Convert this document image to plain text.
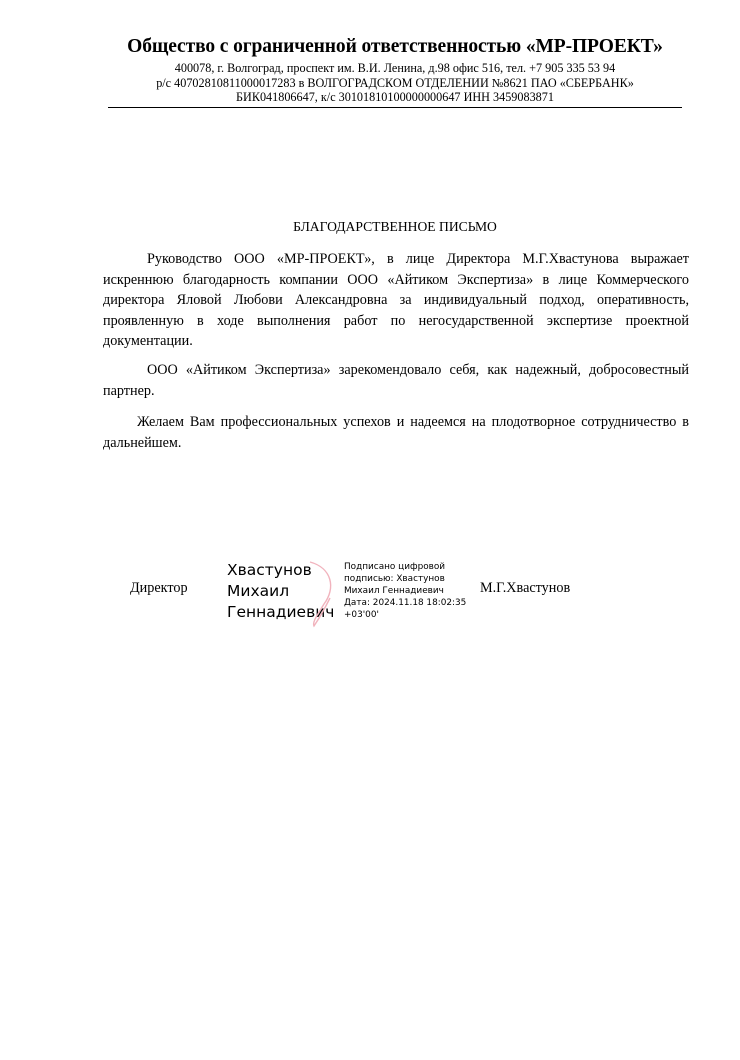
Общество с ограниченной ответственностью «МР-ПРОЕКТ»
400078, г. Волгоград, проспект им. В.И. Ленина, д.98 офис 516, тел. +7 905 335 53 94
р/с 40702810811000017283 в ВОЛГОГРАДСКОМ ОТДЕЛЕНИИ №8621 ПАО «СБЕРБАНК»
БИК041806647, к/с 30101810100000000647 ИНН 3459083871
БЛАГОДАРСТВЕННОЕ ПИСЬМО
Руководство ООО «МР-ПРОЕКТ», в лице Директора М.Г.Хвастунова выражает искреннюю благодарность компании ООО «Айтиком Экспертиза» в лице Коммерческого директора Яловой Любови Александровна за индивидуальный подход, оперативность, проявленную в ходе выполнения работ по негосударственной экспертизе проектной документации.
ООО «Айтиком Экспертиза» зарекомендовало себя, как надежный, добросовестный партнер.
Желаем Вам профессиональных успехов и надеемся на плодотворное сотрудничество в дальнейшем.
Директор
Хвастунов
Михаил
Геннадиевич
Подписано цифровой
подписью: Хвастунов
Михаил Геннадиевич
Дата: 2024.11.18 18:02:35
+03'00'
М.Г.Хвастунов
